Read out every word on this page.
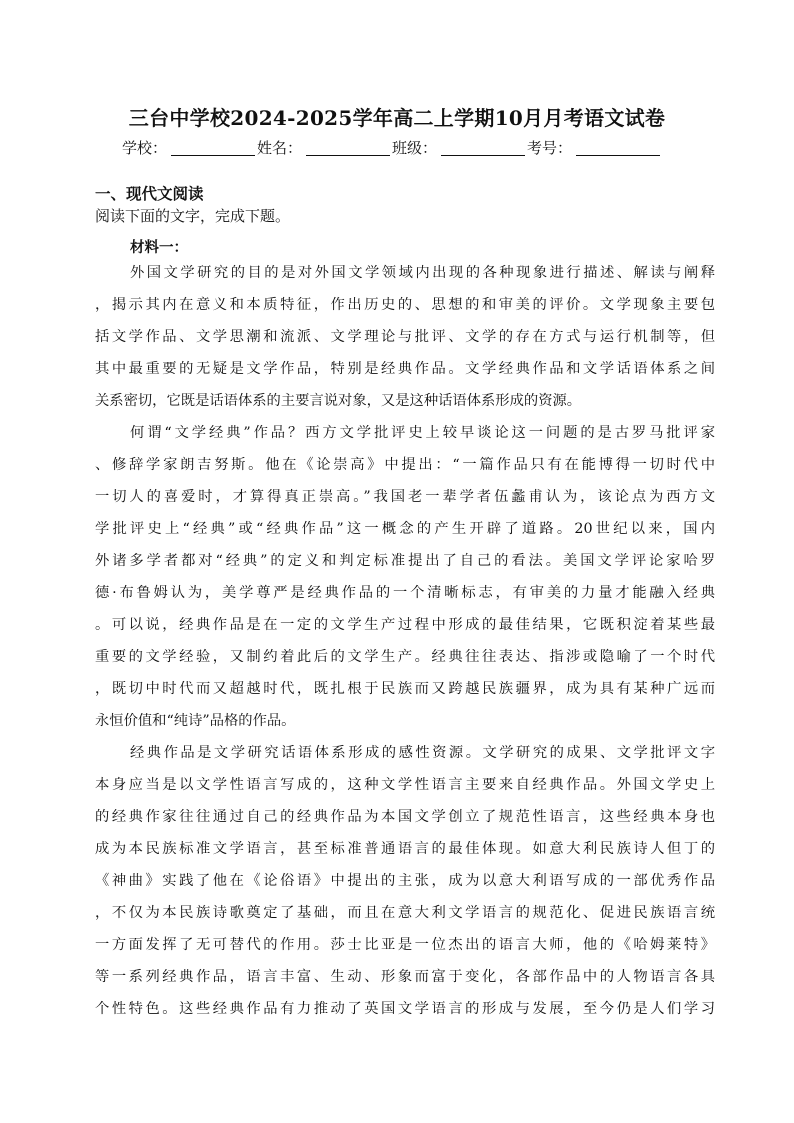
三台中学校2024-2025学年高二上学期10月月考语文试卷
学校：	姓名：	班级：	考号：
一、现代文阅读
阅读下面的文字，完成下题。
材料一：
外国文学研究的目的是对外国文学领域内出现的各种现象进行描述、解读与阐释
，揭示其内在意义和本质特征，作出历史的、思想的和审美的评价。文学现象主要包
括文学作品、文学思潮和流派、文学理论与批评、文学的存在方式与运行机制等，但
其中最重要的无疑是文学作品，特别是经典作品。文学经典作品和文学话语体系之间
关系密切，它既是话语体系的主要言说对象，又是这种话语体系形成的资源。
何谓“文学经典”作品？西方文学批评史上较早谈论这一问题的是古罗马批评家
、修辞学家朗吉努斯。他在《论崇高》中提出：“一篇作品只有在能博得一切时代中
一切人的喜爱时，才算得真正崇高。”我国老一辈学者伍蠡甫认为，该论点为西方文
学批评史上“经典”或“经典作品”这一概念的产生开辟了道路。20世纪以来，国内
外诸多学者都对“经典”的定义和判定标准提出了自己的看法。美国文学评论家哈罗
德·布鲁姆认为，美学尊严是经典作品的一个清晰标志，有审美的力量才能融入经典
。可以说，经典作品是在一定的文学生产过程中形成的最佳结果，它既积淀着某些最
重要的文学经验，又制约着此后的文学生产。经典往往表达、指涉或隐喻了一个时代
，既切中时代而又超越时代，既扎根于民族而又跨越民族疆界，成为具有某种广远而
永恒价值和“纯诗”品格的作品。
经典作品是文学研究话语体系形成的感性资源。文学研究的成果、文学批评文字
本身应当是以文学性语言写成的，这种文学性语言主要来自经典作品。外国文学史上
的经典作家往往通过自己的经典作品为本国文学创立了规范性语言，这些经典本身也
成为本民族标准文学语言，甚至标准普通语言的最佳体现。如意大利民族诗人但丁的
《神曲》实践了他在《论俗语》中提出的主张，成为以意大利语写成的一部优秀作品
，不仅为本民族诗歌奠定了基础，而且在意大利文学语言的规范化、促进民族语言统
一方面发挥了无可替代的作用。莎士比亚是一位杰出的语言大师，他的《哈姆莱特》
等一系列经典作品，语言丰富、生动、形象而富于变化，各部作品中的人物语言各具
个性特色。这些经典作品有力推动了英国文学语言的形成与发展，至今仍是人们学习
